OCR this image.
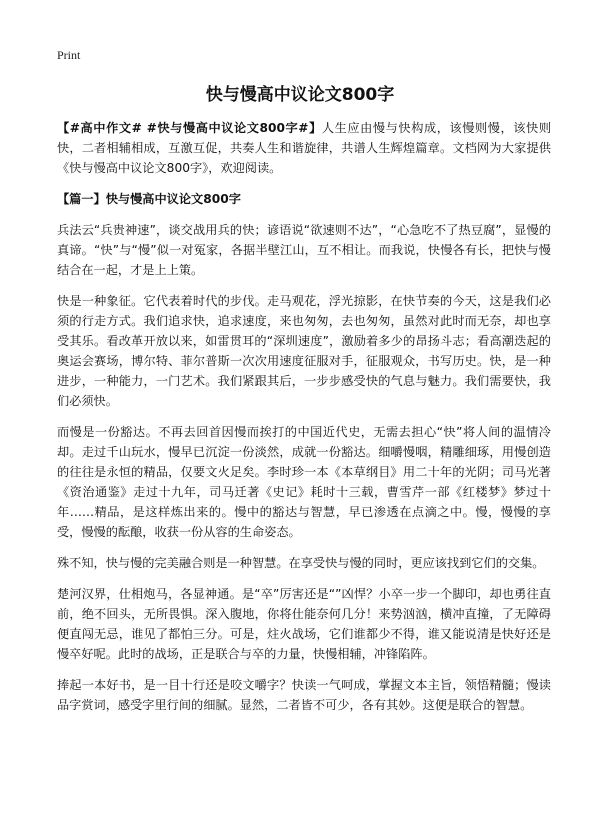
Print
快与慢高中议论文800字

【#高中作文# #快与慢高中议论文800字#】人生应由慢与快构成，该慢则慢，该快则快，二者相辅相成，互激互促，共奏人生和谐旋律，共谱人生辉煌篇章。文档网为大家提供《快与慢高中议论文800字》，欢迎阅读。

【篇一】快与慢高中议论文800字

兵法云“兵贵神速”，谈交战用兵的快；谚语说“欲速则不达”，“心急吃不了热豆腐”，显慢的真谛。“快”与“慢”似一对冤家，各据半壁江山，互不相让。而我说，快慢各有长，把快与慢结合在一起，才是上上策。

快是一种象征。它代表着时代的步伐。走马观花，浮光掠影，在快节奏的今天，这是我们必须的行走方式。我们追求快，追求速度，来也匆匆，去也匆匆，虽然对此时而无奈，却也享受其乐。看改革开放以来，如雷贯耳的“深圳速度”，激励着多少的昂扬斗志；看高潮迭起的奥运会赛场，博尔特、菲尔普斯一次次用速度征服对手，征服观众，书写历史。快，是一种进步，一种能力，一门艺术。我们紧跟其后，一步步感受快的气息与魅力。我们需要快，我们必须快。

而慢是一份豁达。不再去回首因慢而挨打的中国近代史，无需去担心“快”将人间的温情冷却。走过千山玩水，慢早已沉淀一份淡然，成就一份豁达。细嚼慢咽，精雕细琢，用慢创造的往往是永恒的精品，仅要文火足矣。李时珍一本《本草纲目》用二十年的光阴；司马光著《资治通鉴》走过十九年，司马迁著《史记》耗时十三载，曹雪芹一部《红楼梦》梦过十年……精品，是这样炼出来的。慢中的豁达与智慧，早已渗透在点滴之中。慢，慢慢的享受，慢慢的酝酿，收获一份从容的生命姿态。

殊不知，快与慢的完美融合则是一种智慧。在享受快与慢的同时，更应该找到它们的交集。

楚河汉界，仕相炮马，各显神通。是“卒”厉害还是“”凶悍？小卒一步一个脚印，却也勇往直前，绝不回头，无所畏惧。深入腹地，你将仕能奈何几分！来势汹汹，横冲直撞，了无障碍便直闯无忌，谁见了都怕三分。可是，炷火战场，它们谁都少不得，谁又能说清是快好还是慢卒好呢。此时的战场，正是联合与卒的力量，快慢相辅，冲锋陷阵。

捧起一本好书，是一目十行还是咬文嚼字？快读一气呵成，掌握文本主旨，领悟精髓；慢读品字赏词，感受字里行间的细腻。显然，二者皆不可少，各有其妙。这便是联合的智慧。
